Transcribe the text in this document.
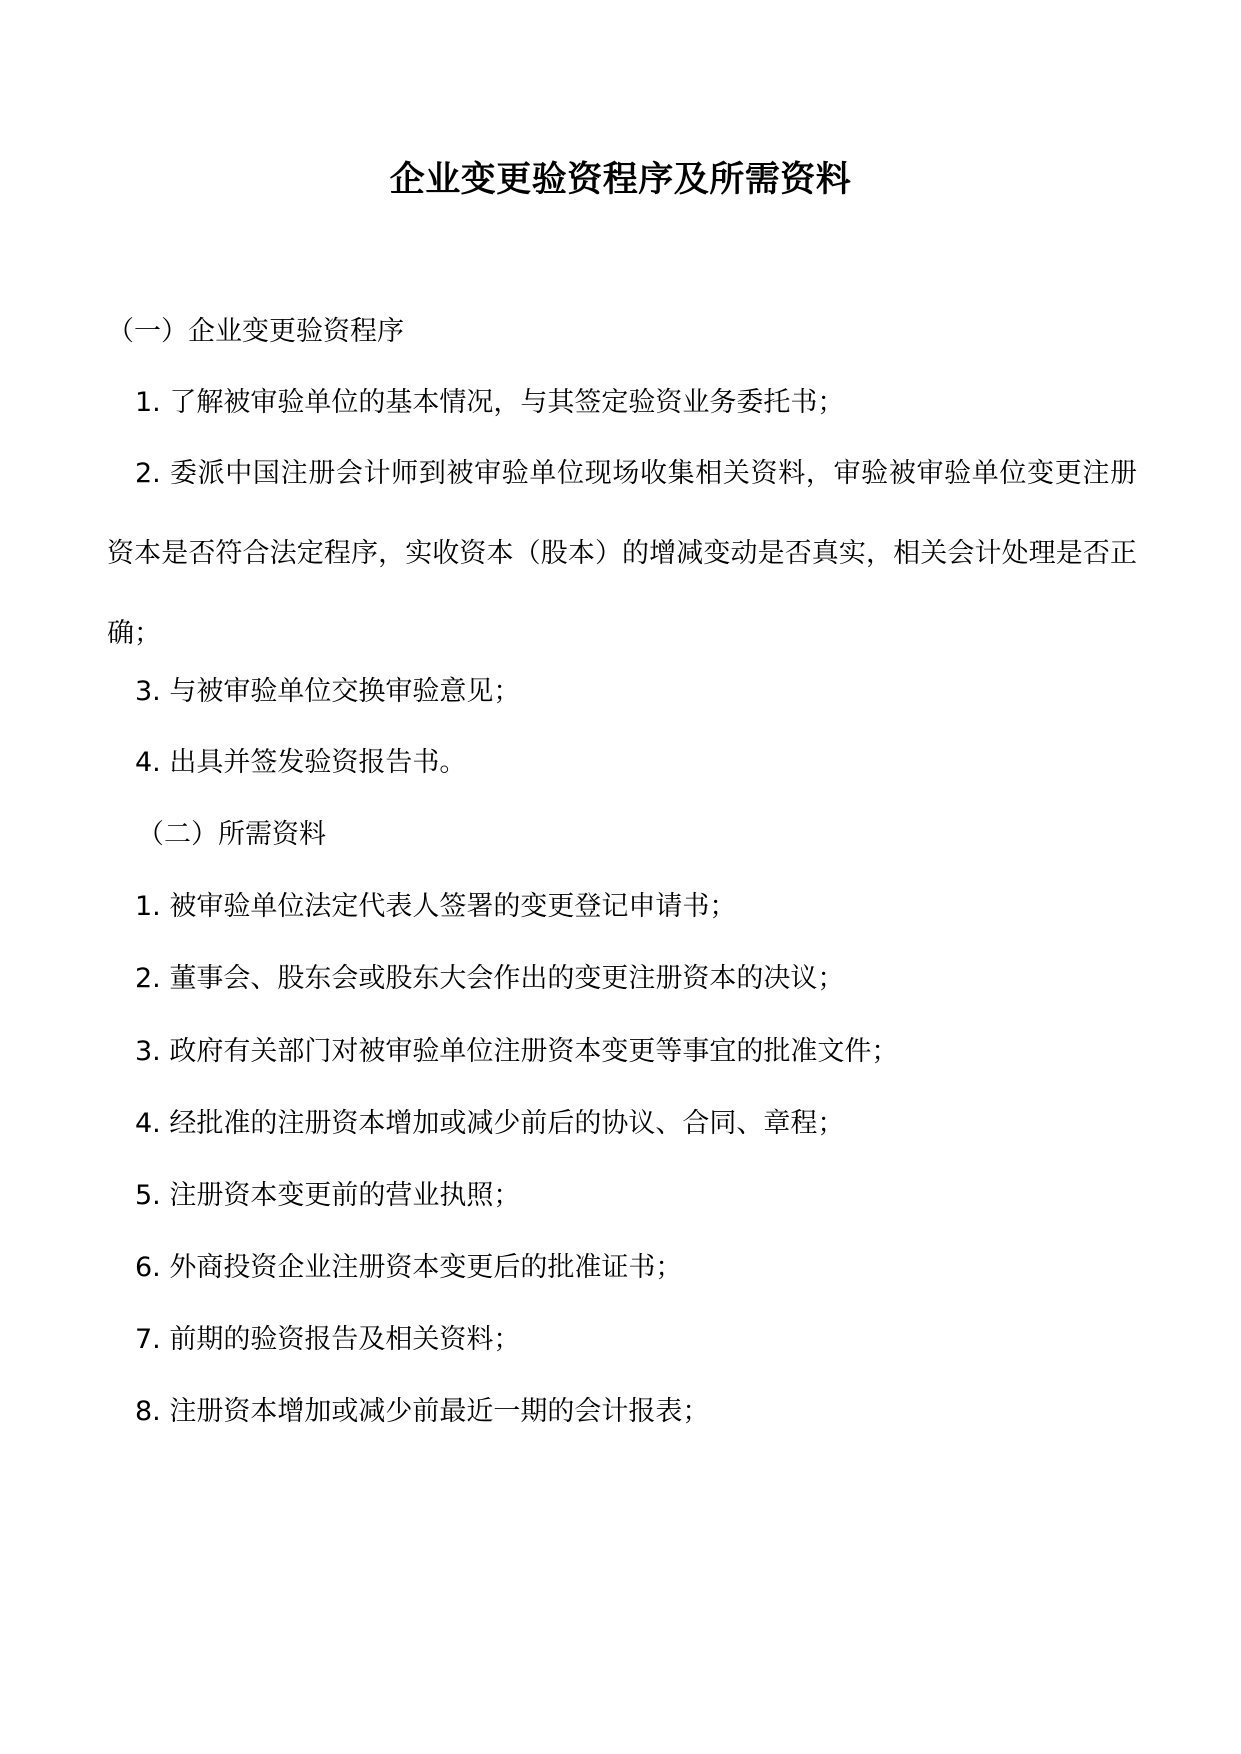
企业变更验资程序及所需资料
（一）企业变更验资程序
1. 了解被审验单位的基本情况，与其签定验资业务委托书；
2. 委派中国注册会计师到被审验单位现场收集相关资料，审验被审验单位变更注册资本是否符合法定程序，实收资本（股本）的增减变动是否真实，相关会计处理是否正确；
3. 与被审验单位交换审验意见；
4. 出具并签发验资报告书。
（二）所需资料
1. 被审验单位法定代表人签署的变更登记申请书；
2. 董事会、股东会或股东大会作出的变更注册资本的决议；
3. 政府有关部门对被审验单位注册资本变更等事宜的批准文件；
4. 经批准的注册资本增加或减少前后的协议、合同、章程；
5. 注册资本变更前的营业执照；
6. 外商投资企业注册资本变更后的批准证书；
7. 前期的验资报告及相关资料；
8. 注册资本增加或减少前最近一期的会计报表；
